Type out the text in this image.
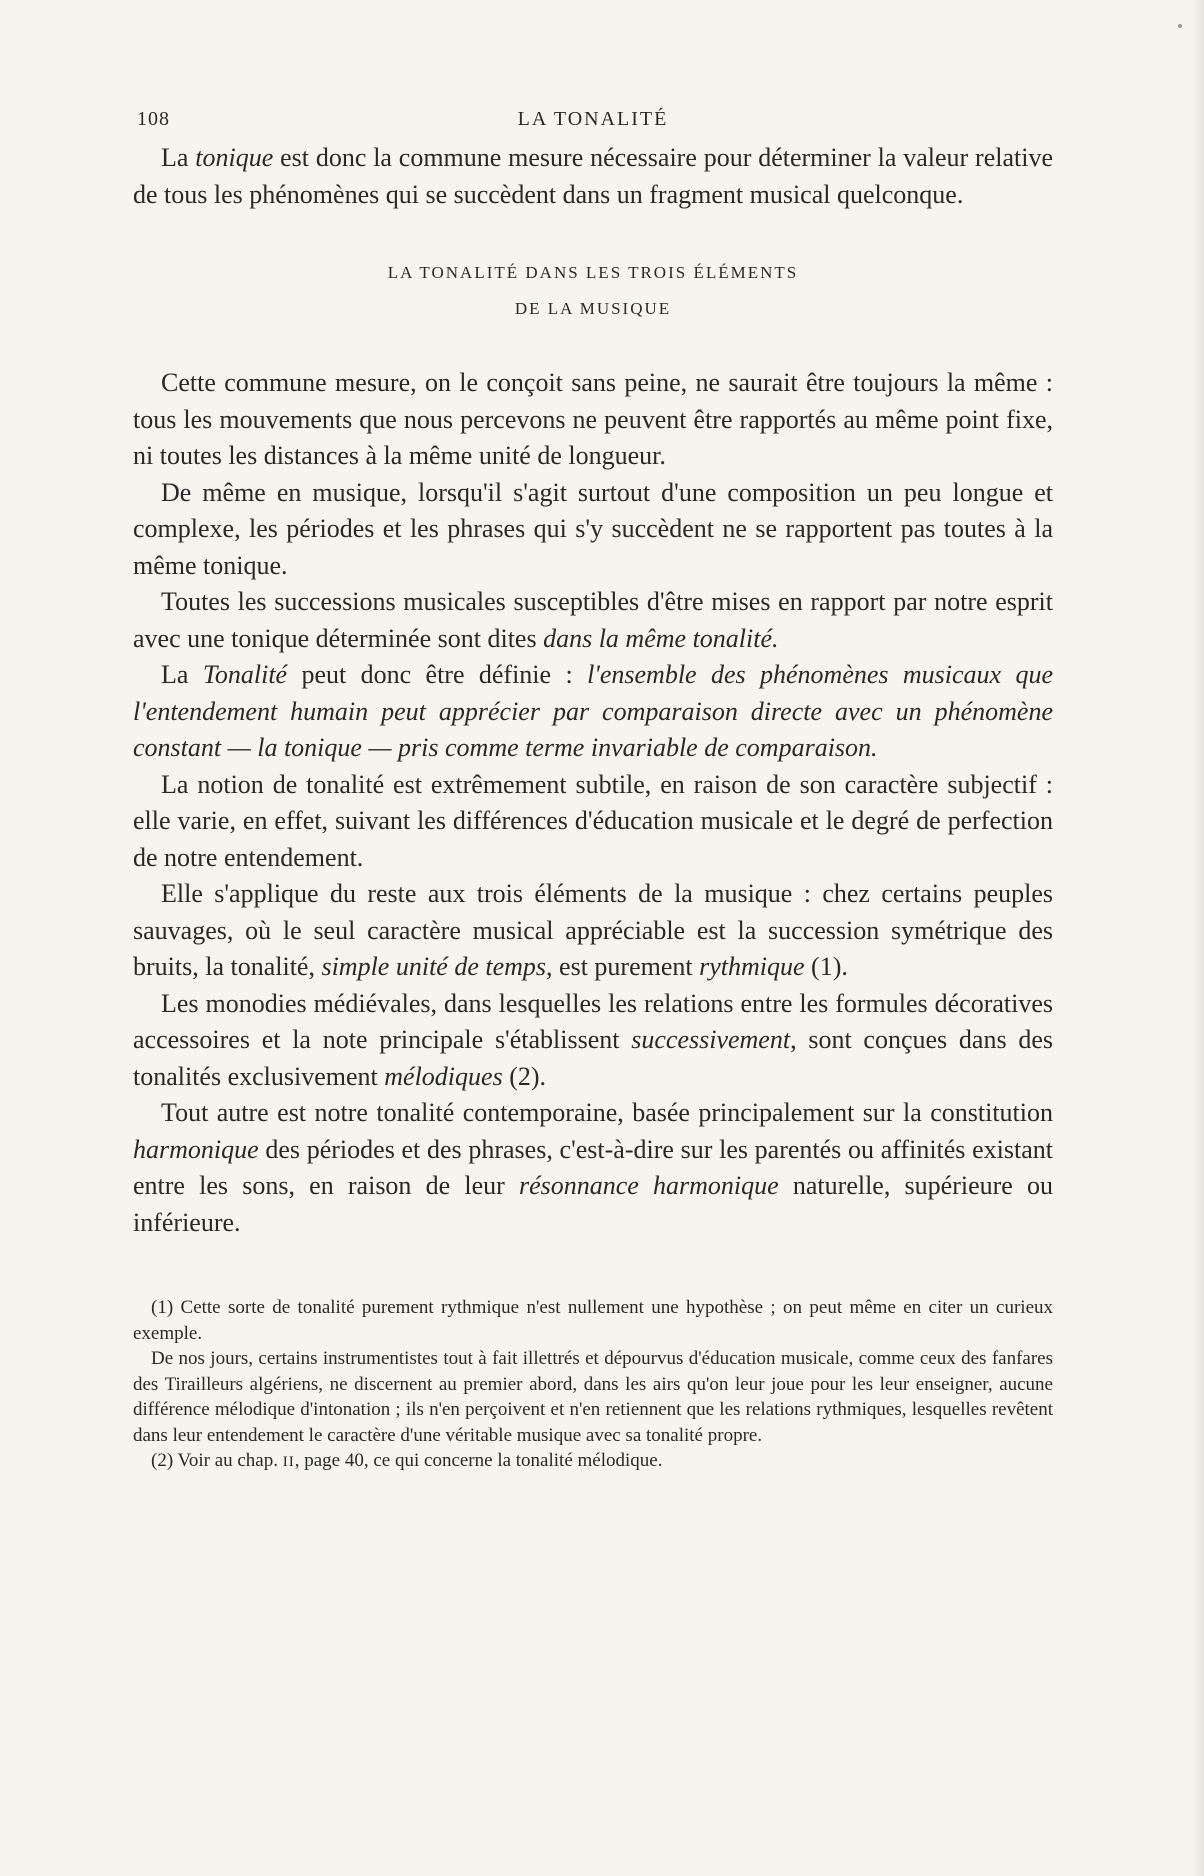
108	LA TONALITÉ

La tonique est donc la commune mesure nécessaire pour déterminer la valeur relative de tous les phénomènes qui se succèdent dans un fragment musical quelconque.

LA TONALITÉ DANS LES TROIS ÉLÉMENTS
DE LA MUSIQUE

Cette commune mesure, on le conçoit sans peine, ne saurait être toujours la même : tous les mouvements que nous percevons ne peuvent être rapportés au même point fixe, ni toutes les distances à la même unité de longueur.

De même en musique, lorsqu'il s'agit surtout d'une composition un peu longue et complexe, les périodes et les phrases qui s'y succèdent ne se rapportent pas toutes à la même tonique.

Toutes les successions musicales susceptibles d'être mises en rapport par notre esprit avec une tonique déterminée sont dites dans la même tonalité.

La Tonalité peut donc être définie : l'ensemble des phénomènes musicaux que l'entendement humain peut apprécier par comparaison directe avec un phénomène constant — la tonique — pris comme terme invariable de comparaison.

La notion de tonalité est extrêmement subtile, en raison de son caractère subjectif : elle varie, en effet, suivant les différences d'éducation musicale et le degré de perfection de notre entendement.

Elle s'applique du reste aux trois éléments de la musique : chez certains peuples sauvages, où le seul caractère musical appréciable est la succession symétrique des bruits, la tonalité, simple unité de temps, est purement rythmique (1).

Les monodies médiévales, dans lesquelles les relations entre les formules décoratives accessoires et la note principale s'établissent successivement, sont conçues dans des tonalités exclusivement mélodiques (2).

Tout autre est notre tonalité contemporaine, basée principalement sur la constitution harmonique des périodes et des phrases, c'est-à-dire sur les parentés ou affinités existant entre les sons, en raison de leur résonnance harmonique naturelle, supérieure ou inférieure.

(1) Cette sorte de tonalité purement rythmique n'est nullement une hypothèse ; on peut même en citer un curieux exemple.

De nos jours, certains instrumentistes tout à fait illettrés et dépourvus d'éducation musicale, comme ceux des fanfares des Tirailleurs algériens, ne discernent au premier abord, dans les airs qu'on leur joue pour les leur enseigner, aucune différence mélodique d'intonation ; ils n'en perçoivent et n'en retiennent que les relations rythmiques, lesquelles revêtent dans leur entendement le caractère d'une véritable musique avec sa tonalité propre.

(2) Voir au chap. II, page 40, ce qui concerne la tonalité mélodique.
